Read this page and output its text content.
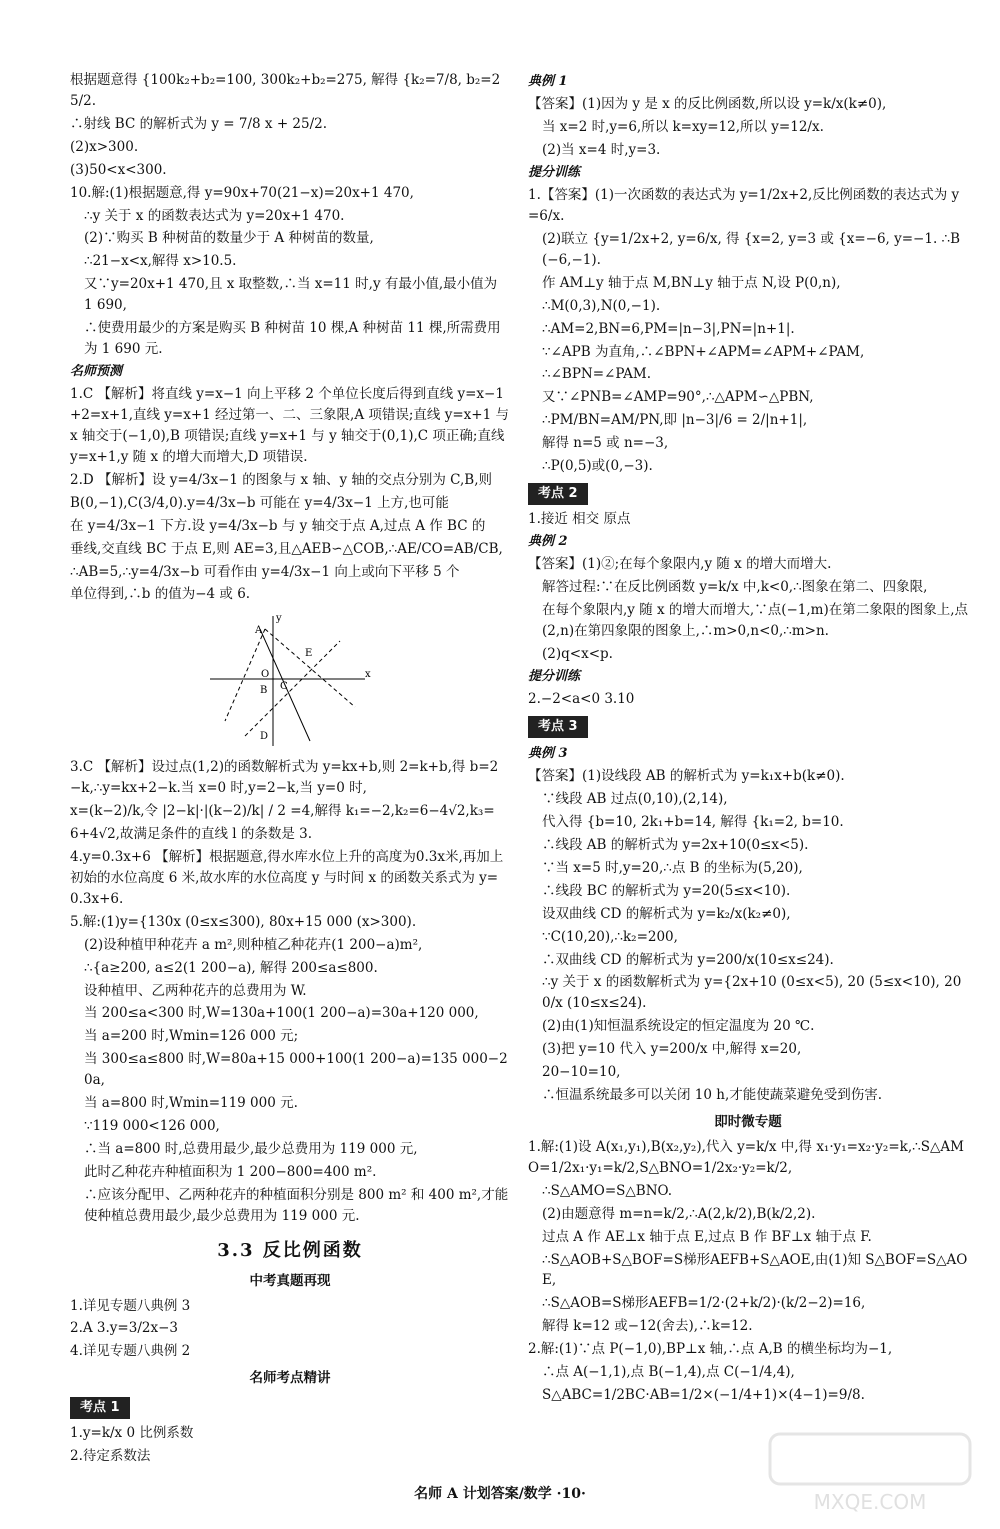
根据题意得 {100k₂+b₂=100, 300k₂+b₂=275, 解得 {k₂=7/8, b₂=25/2.

∴射线 BC 的解析式为 y = 7/8 x + 25/2.

(2)x>300.

(3)50<x<300.

10.解:(1)根据题意,得 y=90x+70(21−x)=20x+1 470,

∴y 关于 x 的函数表达式为 y=20x+1 470.

(2)∵购买 B 种树苗的数量少于 A 种树苗的数量,

∴21−x<x,解得 x>10.5.

又∵y=20x+1 470,且 x 取整数,∴当 x=11 时,y 有最小值,最小值为 1 690,

∴使费用最少的方案是购买 B 种树苗 10 棵,A 种树苗 11 棵,所需费用为 1 690 元.

名师预测

1.C 【解析】将直线 y=x−1 向上平移 2 个单位长度后得到直线 y=x−1+2=x+1,直线 y=x+1 经过第一、二、三象限,A 项错误;直线 y=x+1 与 x 轴交于(−1,0),B 项错误;直线 y=x+1 与 y 轴交于(0,1),C 项正确;直线 y=x+1,y 随 x 的增大而增大,D 项错误.

2.D 【解析】设 y=4/3x−1 的图象与 x 轴、y 轴的交点分别为 C,B,则

B(0,−1),C(3/4,0).y=4/3x−b 可能在 y=4/3x−1 上方,也可能

在 y=4/3x−1 下方.设 y=4/3x−b 与 y 轴交于点 A,过点 A 作 BC 的

垂线,交直线 BC 于点 E,则 AE=3,且△AEB∽△COB,∴AE/CO=AB/CB,

∴AB=5,∴y=4/3x−b 可看作由 y=4/3x−1 向上或向下平移 5 个

单位得到,∴b 的值为−4 或 6.

x
y
A
E
O
C
B
D

3.C 【解析】设过点(1,2)的函数解析式为 y=kx+b,则 2=k+b,得 b=2−k,∴y=kx+2−k.当 x=0 时,y=2−k,当 y=0 时,

x=(k−2)/k,令 |2−k|·|(k−2)/k| / 2 =4,解得 k₁=−2,k₂=6−4√2,k₃=

6+4√2,故满足条件的直线 l 的条数是 3.

4.y=0.3x+6 【解析】根据题意,得水库水位上升的高度为0.3x米,再加上初始的水位高度 6 米,故水库的水位高度 y 与时间 x 的函数关系式为 y=0.3x+6.

5.解:(1)y={130x (0≤x≤300), 80x+15 000 (x>300).

(2)设种植甲种花卉 a m²,则种植乙种花卉(1 200−a)m²,

∴{a≥200, a≤2(1 200−a), 解得 200≤a≤800.

设种植甲、乙两种花卉的总费用为 W.

当 200≤a<300 时,W=130a+100(1 200−a)=30a+120 000,

当 a=200 时,Wmin=126 000 元;

当 300≤a≤800 时,W=80a+15 000+100(1 200−a)=135 000−20a,

当 a=800 时,Wmin=119 000 元.

∵119 000<126 000,

∴当 a=800 时,总费用最少,最少总费用为 119 000 元,

此时乙种花卉种植面积为 1 200−800=400 m².

∴应该分配甲、乙两种花卉的种植面积分别是 800 m² 和 400 m²,才能使种植总费用最少,最少总费用为 119 000 元.

3.3 反比例函数
中考真题再现

1.详见专题八典例 3

2.A 3.y=3/2x−3

4.详见专题八典例 2

名师考点精讲
考点 1

1.y=k/x 0 比例系数

2.待定系数法

典例 1

【答案】(1)因为 y 是 x 的反比例函数,所以设 y=k/x(k≠0),

当 x=2 时,y=6,所以 k=xy=12,所以 y=12/x.

(2)当 x=4 时,y=3.

提分训练

1.【答案】(1)一次函数的表达式为 y=1/2x+2,反比例函数的表达式为 y=6/x.

(2)联立 {y=1/2x+2, y=6/x, 得 {x=2, y=3 或 {x=−6, y=−1. ∴B(−6,−1).

作 AM⊥y 轴于点 M,BN⊥y 轴于点 N,设 P(0,n),

∴M(0,3),N(0,−1).

∴AM=2,BN=6,PM=|n−3|,PN=|n+1|.

∵∠APB 为直角,∴∠BPN+∠APM=∠APM+∠PAM,

∴∠BPN=∠PAM.

又∵∠PNB=∠AMP=90°,∴△APM∽△PBN,

∴PM/BN=AM/PN,即 |n−3|/6 = 2/|n+1|,

解得 n=5 或 n=−3,

∴P(0,5)或(0,−3).

考点 2

1.接近 相交 原点

典例 2

【答案】(1)②;在每个象限内,y 随 x 的增大而增大.

解答过程:∵在反比例函数 y=k/x 中,k<0,∴图象在第二、四象限,

在每个象限内,y 随 x 的增大而增大,∵点(−1,m)在第二象限的图象上,点(2,n)在第四象限的图象上,∴m>0,n<0,∴m>n.

(2)q<x<p.

提分训练

2.−2<a<0 3.10

考点 3
典例 3

【答案】(1)设线段 AB 的解析式为 y=k₁x+b(k≠0).

∵线段 AB 过点(0,10),(2,14),

代入得 {b=10, 2k₁+b=14, 解得 {k₁=2, b=10.

∴线段 AB 的解析式为 y=2x+10(0≤x<5).

∵当 x=5 时,y=20,∴点 B 的坐标为(5,20),

∴线段 BC 的解析式为 y=20(5≤x<10).

设双曲线 CD 的解析式为 y=k₂/x(k₂≠0),

∵C(10,20),∴k₂=200,

∴双曲线 CD 的解析式为 y=200/x(10≤x≤24).

∴y 关于 x 的函数解析式为 y={2x+10 (0≤x<5), 20 (5≤x<10), 200/x (10≤x≤24).

(2)由(1)知恒温系统设定的恒定温度为 20 ℃.

(3)把 y=10 代入 y=200/x 中,解得 x=20,

20−10=10,

∴恒温系统最多可以关闭 10 h,才能使蔬菜避免受到伤害.

即时微专题

1.解:(1)设 A(x₁,y₁),B(x₂,y₂),代入 y=k/x 中,得 x₁·y₁=x₂·y₂=k,∴S△AMO=1/2x₁·y₁=k/2,S△BNO=1/2x₂·y₂=k/2,

∴S△AMO=S△BNO.

(2)由题意得 m=n=k/2,∴A(2,k/2),B(k/2,2).

过点 A 作 AE⊥x 轴于点 E,过点 B 作 BF⊥x 轴于点 F.

∴S△AOB+S△BOF=S梯形AEFB+S△AOE,由(1)知 S△BOF=S△AOE,

∴S△AOB=S梯形AEFB=1/2·(2+k/2)·(k/2−2)=16,

解得 k=12 或−12(舍去),∴k=12.

2.解:(1)∵点 P(−1,0),BP⊥x 轴,∴点 A,B 的横坐标均为−1,

∴点 A(−1,1),点 B(−1,4),点 C(−1/4,4),

S△ABC=1/2BC·AB=1/2×(−1/4+1)×(4−1)=9/8.

名师 A 计划答案/数学 ·10·	MXQE.COM
